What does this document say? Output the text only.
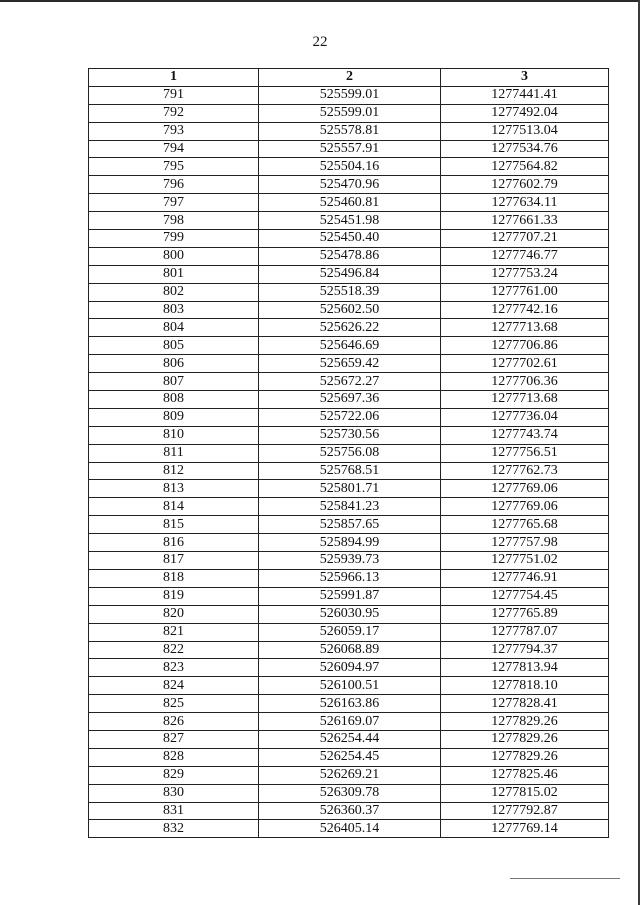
22
1	2	3
791	525599.01	1277441.41
792	525599.01	1277492.04
793	525578.81	1277513.04
794	525557.91	1277534.76
795	525504.16	1277564.82
796	525470.96	1277602.79
797	525460.81	1277634.11
798	525451.98	1277661.33
799	525450.40	1277707.21
800	525478.86	1277746.77
801	525496.84	1277753.24
802	525518.39	1277761.00
803	525602.50	1277742.16
804	525626.22	1277713.68
805	525646.69	1277706.86
806	525659.42	1277702.61
807	525672.27	1277706.36
808	525697.36	1277713.68
809	525722.06	1277736.04
810	525730.56	1277743.74
811	525756.08	1277756.51
812	525768.51	1277762.73
813	525801.71	1277769.06
814	525841.23	1277769.06
815	525857.65	1277765.68
816	525894.99	1277757.98
817	525939.73	1277751.02
818	525966.13	1277746.91
819	525991.87	1277754.45
820	526030.95	1277765.89
821	526059.17	1277787.07
822	526068.89	1277794.37
823	526094.97	1277813.94
824	526100.51	1277818.10
825	526163.86	1277828.41
826	526169.07	1277829.26
827	526254.44	1277829.26
828	526254.45	1277829.26
829	526269.21	1277825.46
830	526309.78	1277815.02
831	526360.37	1277792.87
832	526405.14	1277769.14
